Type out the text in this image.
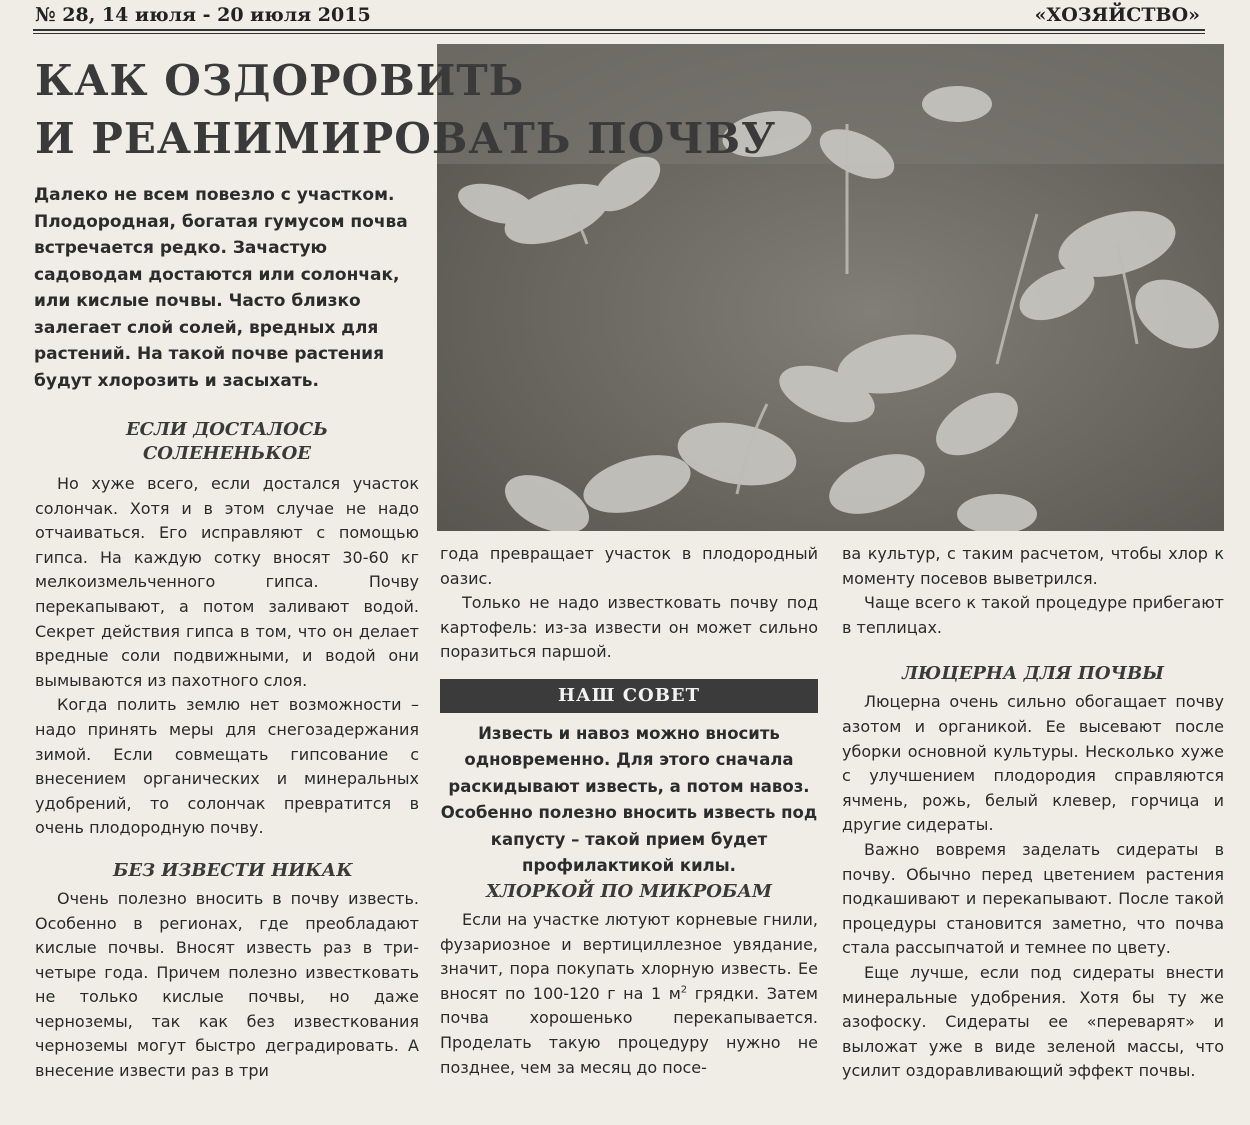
№ 28, 14 июля - 20 июля 2015	«ХОЗЯЙСТВО»
КАК ОЗДОРОВИТЬ
И РЕАНИМИРОВАТЬ ПОЧВУ

Далеко не всем повезло с участком. Плодородная, богатая гумусом почва встречается редко. Зачастую садоводам достаются или солончак, или кислые почвы. Часто близко залегает слой солей, вредных для растений. На такой почве растения будут хлорозить и засыхать.

ЕСЛИ ДОСТАЛОСЬ СОЛЕНЕНЬКОЕ

Но хуже всего, если достался участок солончак. Хотя и в этом случае не надо отчаиваться. Его исправляют с помощью гипса. На каждую сотку вносят 30-60 кг мелкоизмельченного гипса. Почву перекапывают, а потом заливают водой. Секрет действия гипса в том, что он делает вредные соли подвижными, и водой они вымываются из пахотного слоя.

Когда полить землю нет возможности – надо принять меры для снегозадержания зимой. Если совмещать гипсование с внесением органических и минеральных удобрений, то солончак превратится в очень плодородную почву.

БЕЗ ИЗВЕСТИ НИКАК

Очень полезно вносить в почву известь. Особенно в регионах, где преобладают кислые почвы. Вносят известь раз в три-четыре года. Причем полезно известковать не только кислые почвы, но даже черноземы, так как без известкования черноземы могут быстро деградировать. А внесение извести раз в три

года превращает участок в плодородный оазис.

Только не надо известковать почву под картофель: из-за извести он может сильно поразиться паршой.

НАШ СОВЕТ

Известь и навоз можно вносить одновременно. Для этого сначала раскидывают известь, а потом навоз. Особенно полезно вносить известь под капусту – такой прием будет профилактикой килы.

ХЛОРКОЙ ПО МИКРОБАМ

Если на участке лютуют корневые гнили, фузариозное и вертициллезное увядание, значит, пора покупать хлорную известь. Ее вносят по 100-120 г на 1 $м^2$ грядки. Затем почва хорошенько перекапывается. Проделать такую процедуру нужно не позднее, чем за месяц до посе-

ва культур, с таким расчетом, чтобы хлор к моменту посевов выветрился.

Чаще всего к такой процедуре прибегают в теплицах.

ЛЮЦЕРНА ДЛЯ ПОЧВЫ

Люцерна очень сильно обогащает почву азотом и органикой. Ее высевают после уборки основной культуры. Несколько хуже с улучшением плодородия справляются ячмень, рожь, белый клевер, горчица и другие сидераты.

Важно вовремя заделать сидераты в почву. Обычно перед цветением растения подкашивают и перекапывают. После такой процедуры становится заметно, что почва стала рассыпчатой и темнее по цвету.

Еще лучше, если под сидераты внести минеральные удобрения. Хотя бы ту же азофоску. Сидераты ее «переварят» и выложат уже в виде зеленой массы, что усилит оздоравливающий эффект почвы.
